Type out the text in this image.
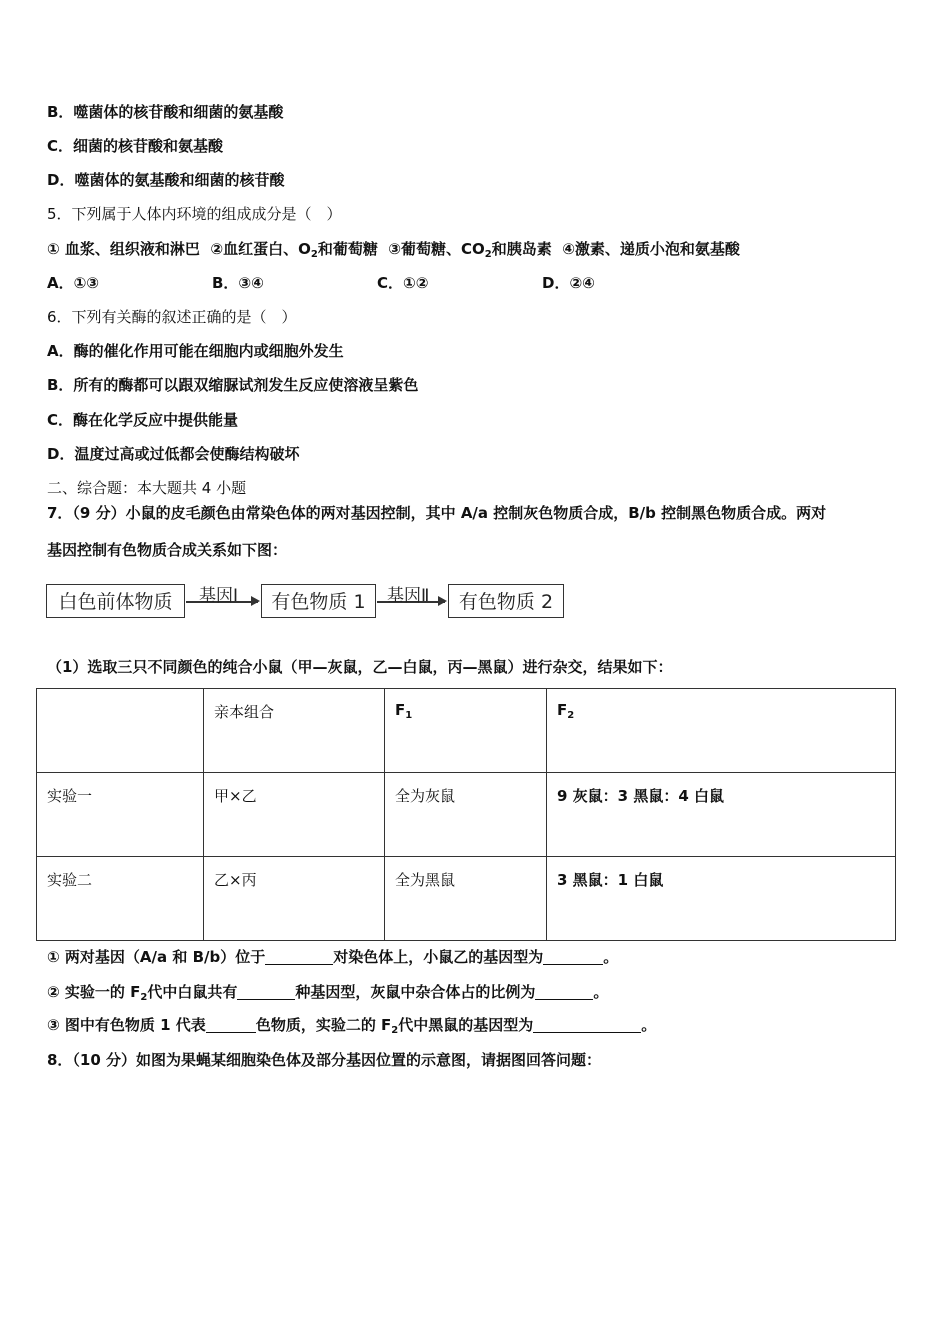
B．噬菌体的核苷酸和细菌的氨基酸
C．细菌的核苷酸和氨基酸
D．噬菌体的氨基酸和细菌的核苷酸
5．下列属于人体内环境的组成成分是（　）
① 血浆、组织液和淋巴 ②血红蛋白、$O_2$和葡萄糖 ③葡萄糖、$CO_2$和胰岛素 ④激素、递质小泡和氨基酸
A．①③	B．③④	C．①②	D．②④
6．下列有关酶的叙述正确的是（　）
A．酶的催化作用可能在细胞内或细胞外发生
B．所有的酶都可以跟双缩脲试剂发生反应使溶液呈紫色
C．酶在化学反应中提供能量
D．温度过高或过低都会使酶结构破坏
二、综合题：本大题共 4 小题
7．（9 分）小鼠的皮毛颜色由常染色体的两对基因控制，其中 A/a 控制灰色物质合成，B/b 控制黑色物质合成。两对
基因控制有色物质合成关系如下图：
白色前体物质	基因Ⅰ	有色物质 1	基因Ⅱ	有色物质 2
（1）选取三只不同颜色的纯合小鼠（甲—灰鼠，乙—白鼠，丙—黑鼠）进行杂交，结果如下：
	亲本组合	$F_1$	$F_2$
实验一	甲×乙	全为灰鼠	9 灰鼠：3 黑鼠：4 白鼠
实验二	乙×丙	全为黑鼠	3 黑鼠：1 白鼠
① 两对基因（A/a 和 B/b）位于	对染色体上，小鼠乙的基因型为	。
② 实验一的 $F_2$代中白鼠共有	种基因型，灰鼠中杂合体占的比例为	。
③ 图中有色物质 1 代表	色物质，实验二的 $F_2$代中黑鼠的基因型为	。
8．（10 分）如图为果蝇某细胞染色体及部分基因位置的示意图，请据图回答问题：
